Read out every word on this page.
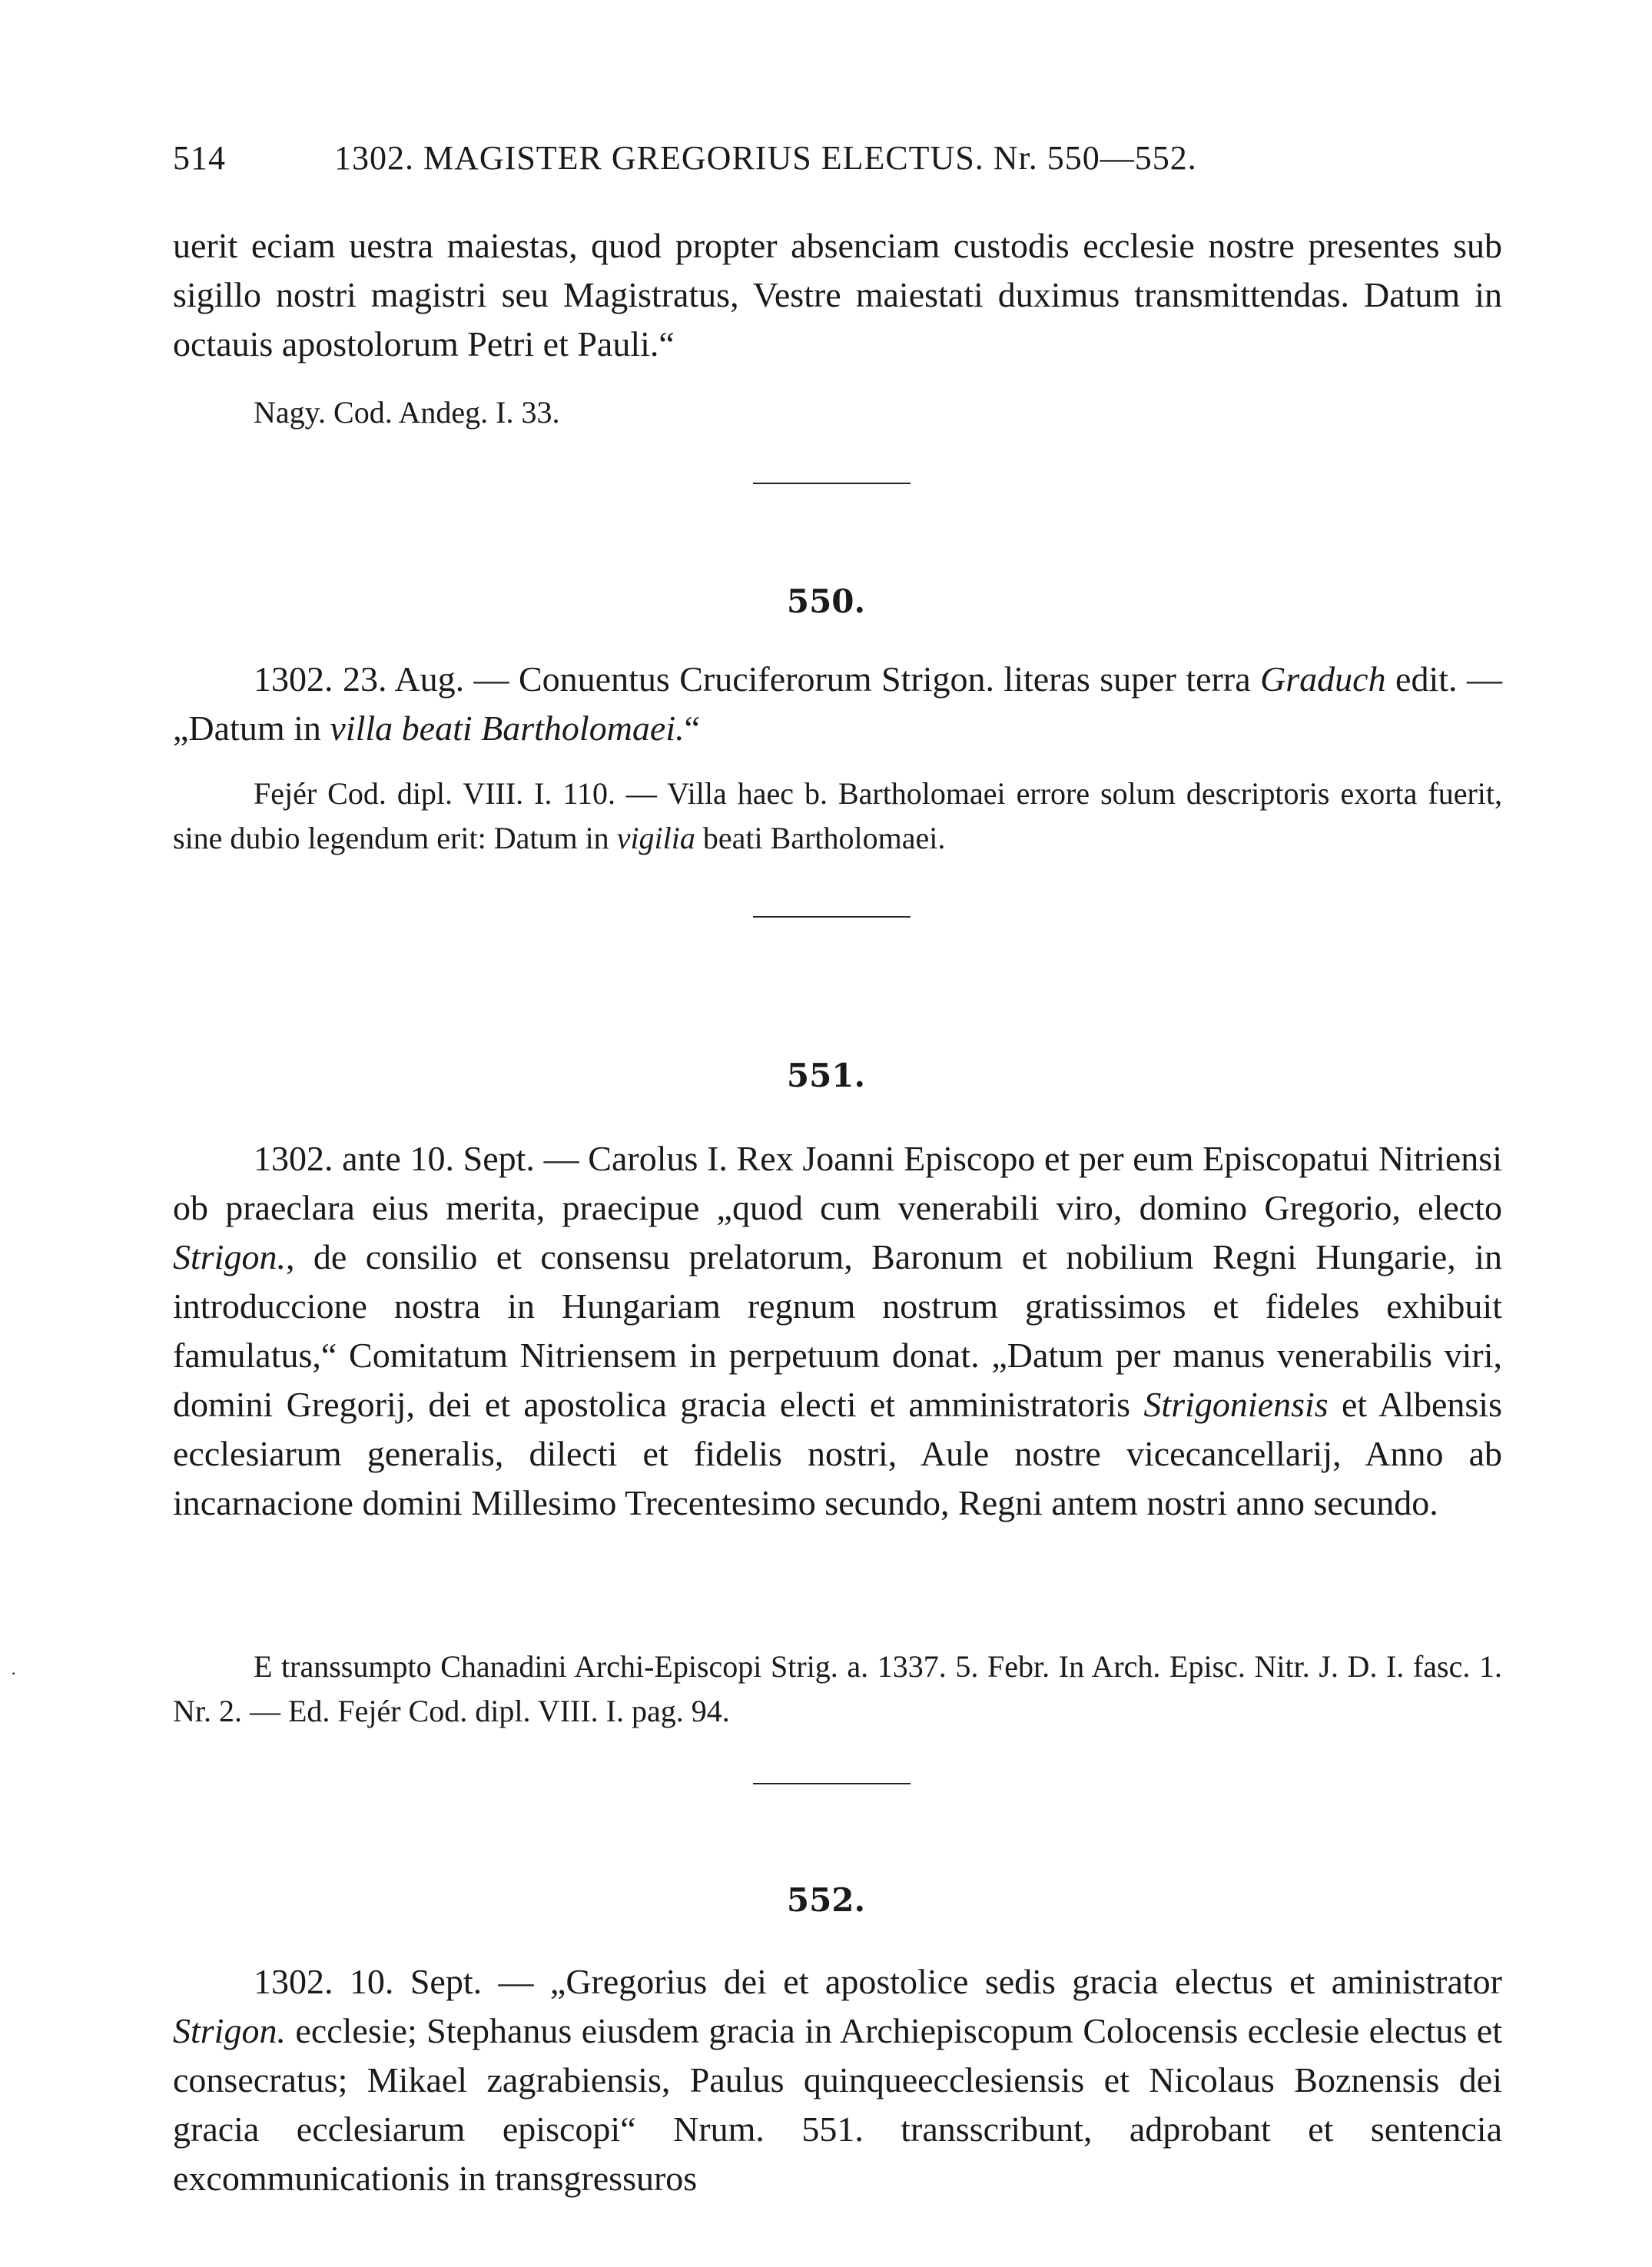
514	1302. MAGISTER GREGORIUS ELECTUS. Nr. 550—552.

uerit eciam uestra maiestas, quod propter absenciam custodis ecclesie nostre presentes sub sigillo nostri magistri seu Magistratus, Vestre maiestati duximus transmittendas. Datum in octauis apostolorum Petri et Pauli.“

Nagy. Cod. Andeg. I. 33.
550.

1302. 23. Aug. — Conuentus Cruciferorum Strigon. literas super terra Graduch edit. — „Datum in villa beati Bartholomaei.“

Fejér Cod. dipl. VIII. I. 110. — Villa haec b. Bartholomaei errore solum descriptoris exorta fuerit, sine dubio legendum erit: Datum in vigilia beati Bartholomaei.

551.

1302. ante 10. Sept. — Carolus I. Rex Joanni Episcopo et per eum Episcopatui Nitriensi ob praeclara eius merita, praecipue „quod cum venerabili viro, domino Gregorio, electo Strigon., de consilio et consensu prelatorum, Baronum et nobilium Regni Hungarie, in introduccione nostra in Hungariam regnum nostrum gratissimos et fideles exhibuit famulatus,“ Comitatum Nitriensem in perpetuum donat. „Datum per manus venerabilis viri, domini Gregorij, dei et apostolica gracia electi et amministratoris Strigoniensis et Albensis ecclesiarum generalis, dilecti et fidelis nostri, Aule nostre vicecancellarij, Anno ab incarnacione domini Millesimo Trecentesimo secundo, Regni antem nostri anno secundo.

E transsumpto Chanadini Archi-Episcopi Strig. a. 1337. 5. Febr. In Arch. Episc. Nitr. J. D. I. fasc. 1. Nr. 2. — Ed. Fejér Cod. dipl. VIII. I. pag. 94.

552.

1302. 10. Sept. — „Gregorius dei et apostolice sedis gracia electus et aministrator Strigon. ecclesie; Stephanus eiusdem gracia in Archiepiscopum Colocensis ecclesie electus et consecratus; Mikael zagrabiensis, Paulus quinqueecclesiensis et Nicolaus Boznensis dei gracia ecclesiarum episcopi“ Nrum. 551. transscribunt, adprobant et sentencia excommunicationis in transgressuros

·
